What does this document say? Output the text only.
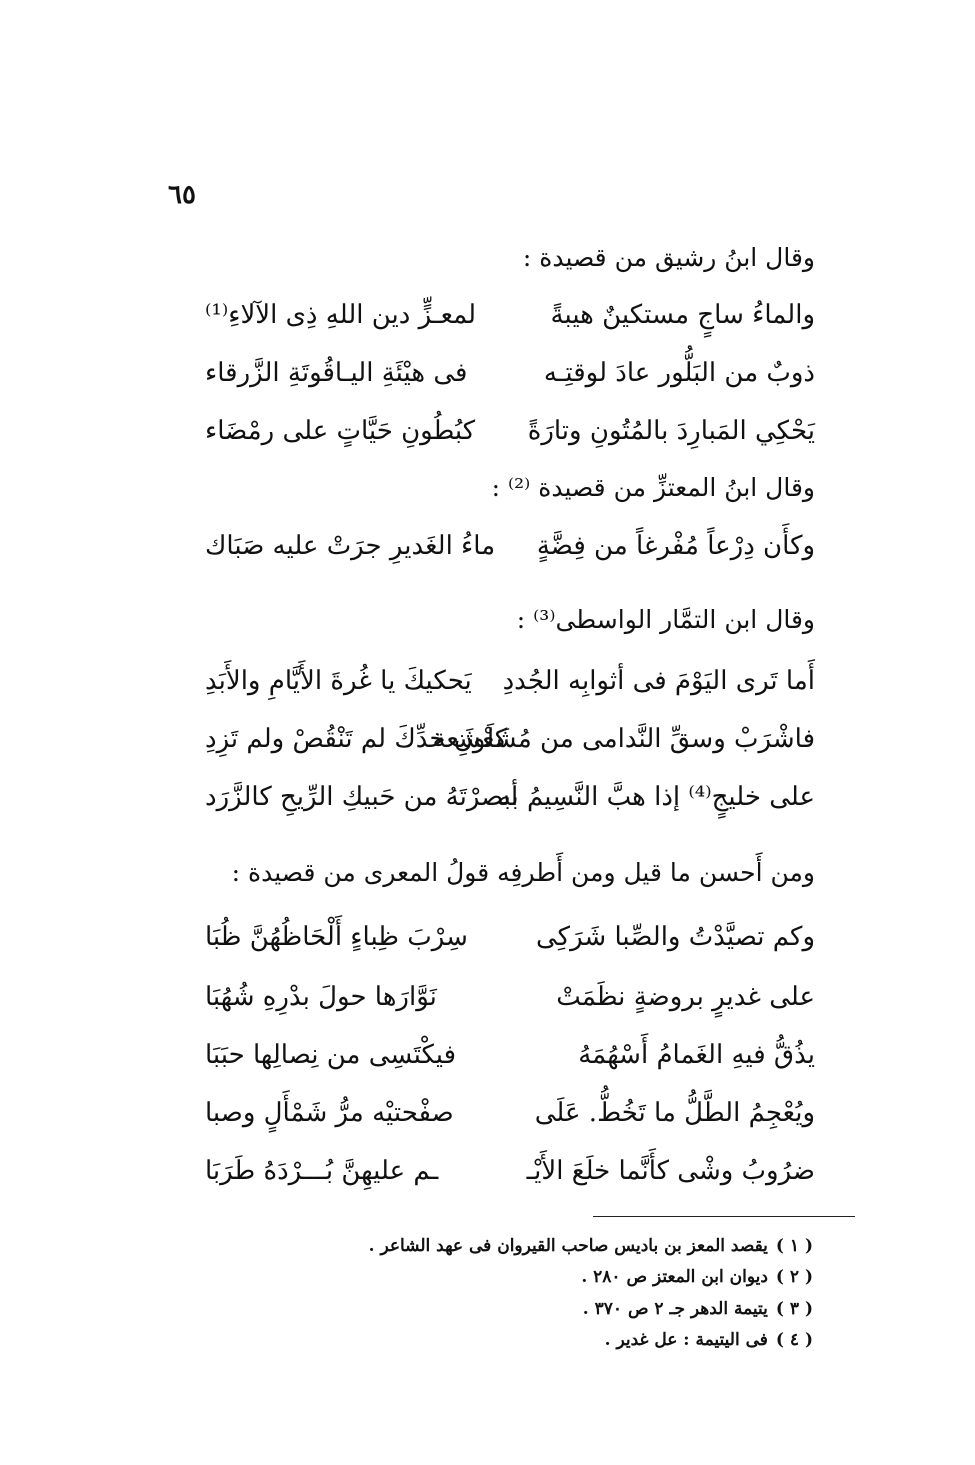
٦٥
وقال ابنُ رشيق من قصيدة :
والماءُ ساجٍ مستكينٌ هيبةً
لمعـزٍّ دين اللهِ ذِى الآلاءِ⁽¹⁾
ذوبٌ من البَلُّور عادَ لوقتِـه
فى هيْئَةِ اليـاقُوتَةِ الزَّرقاء
يَحْكِي المَبارِدَ بالمُتُونِ وتارَةً
كبُطُونِ حَيَّاتٍ على رمْضَاء
وقال ابنُ المعتزِّ من قصيدة ⁽²⁾ :
وكأَن دِرْعاً مُفْرغاً من فِضَّةٍ
ماءُ الغَديرِ جرَتْ عليه صَبَاك
وقال ابن التمَّار الواسطى⁽³⁾ :
أَما تَرى اليَوْمَ فى أثوابِه الجُددِ
يَحكيكَ يا غُرةَ الأَيَّامِ والأَبَدِ
فاشْرَبْ وسقِّ النَّدامى من مُشَعْشَعة
كلَونِ خدِّكَ لم تَنْقُصْ ولم تَزِدِ
على خليجٍ⁽⁴⁾ إذا هبَّ النَّسِيمُ به
أبصرْتَهُ من حَبيكِ الرِّيحِ كالزَّرَد
ومن أَحسن ما قيل ومن أَطرفِه قولُ المعرى من قصيدة :
وكم تصيَّدْتُ والصِّبا شَرَكِى
سِرْبَ ظِباءٍ أَلْحَاظُهُنَّ ظُبَا
على غديرٍ بروضةٍ نظَمَتْ
نَوَّارَها حولَ بدْرِهِ شُهُبَا
يذُقُّ فيهِ الغَمامُ أَسْهُمَهُ
فيكْتَسِى من نِصالِها حبَبَا
ويُعْجِمُ الطَّلُّ ما تَخُطُّ. عَلَى
صفْحتيْه مرُّ شَمْأَلٍ وصبا
ضرُوبُ وشْى كأَنَّما خلَعَ الأَيْـ
ـم عليهِنَّ بُـــرْدَهُ طَرَبَا
( ١ )يقصد المعز بن باديس صاحب القيروان فى عهد الشاعر .
( ٢ )ديوان ابن المعتز ص ٢٨٠ .
( ٣ )يتيمة الدهر جـ ٢ ص ٣٧٠ .
( ٤ )فى اليتيمة : عل غدير .
